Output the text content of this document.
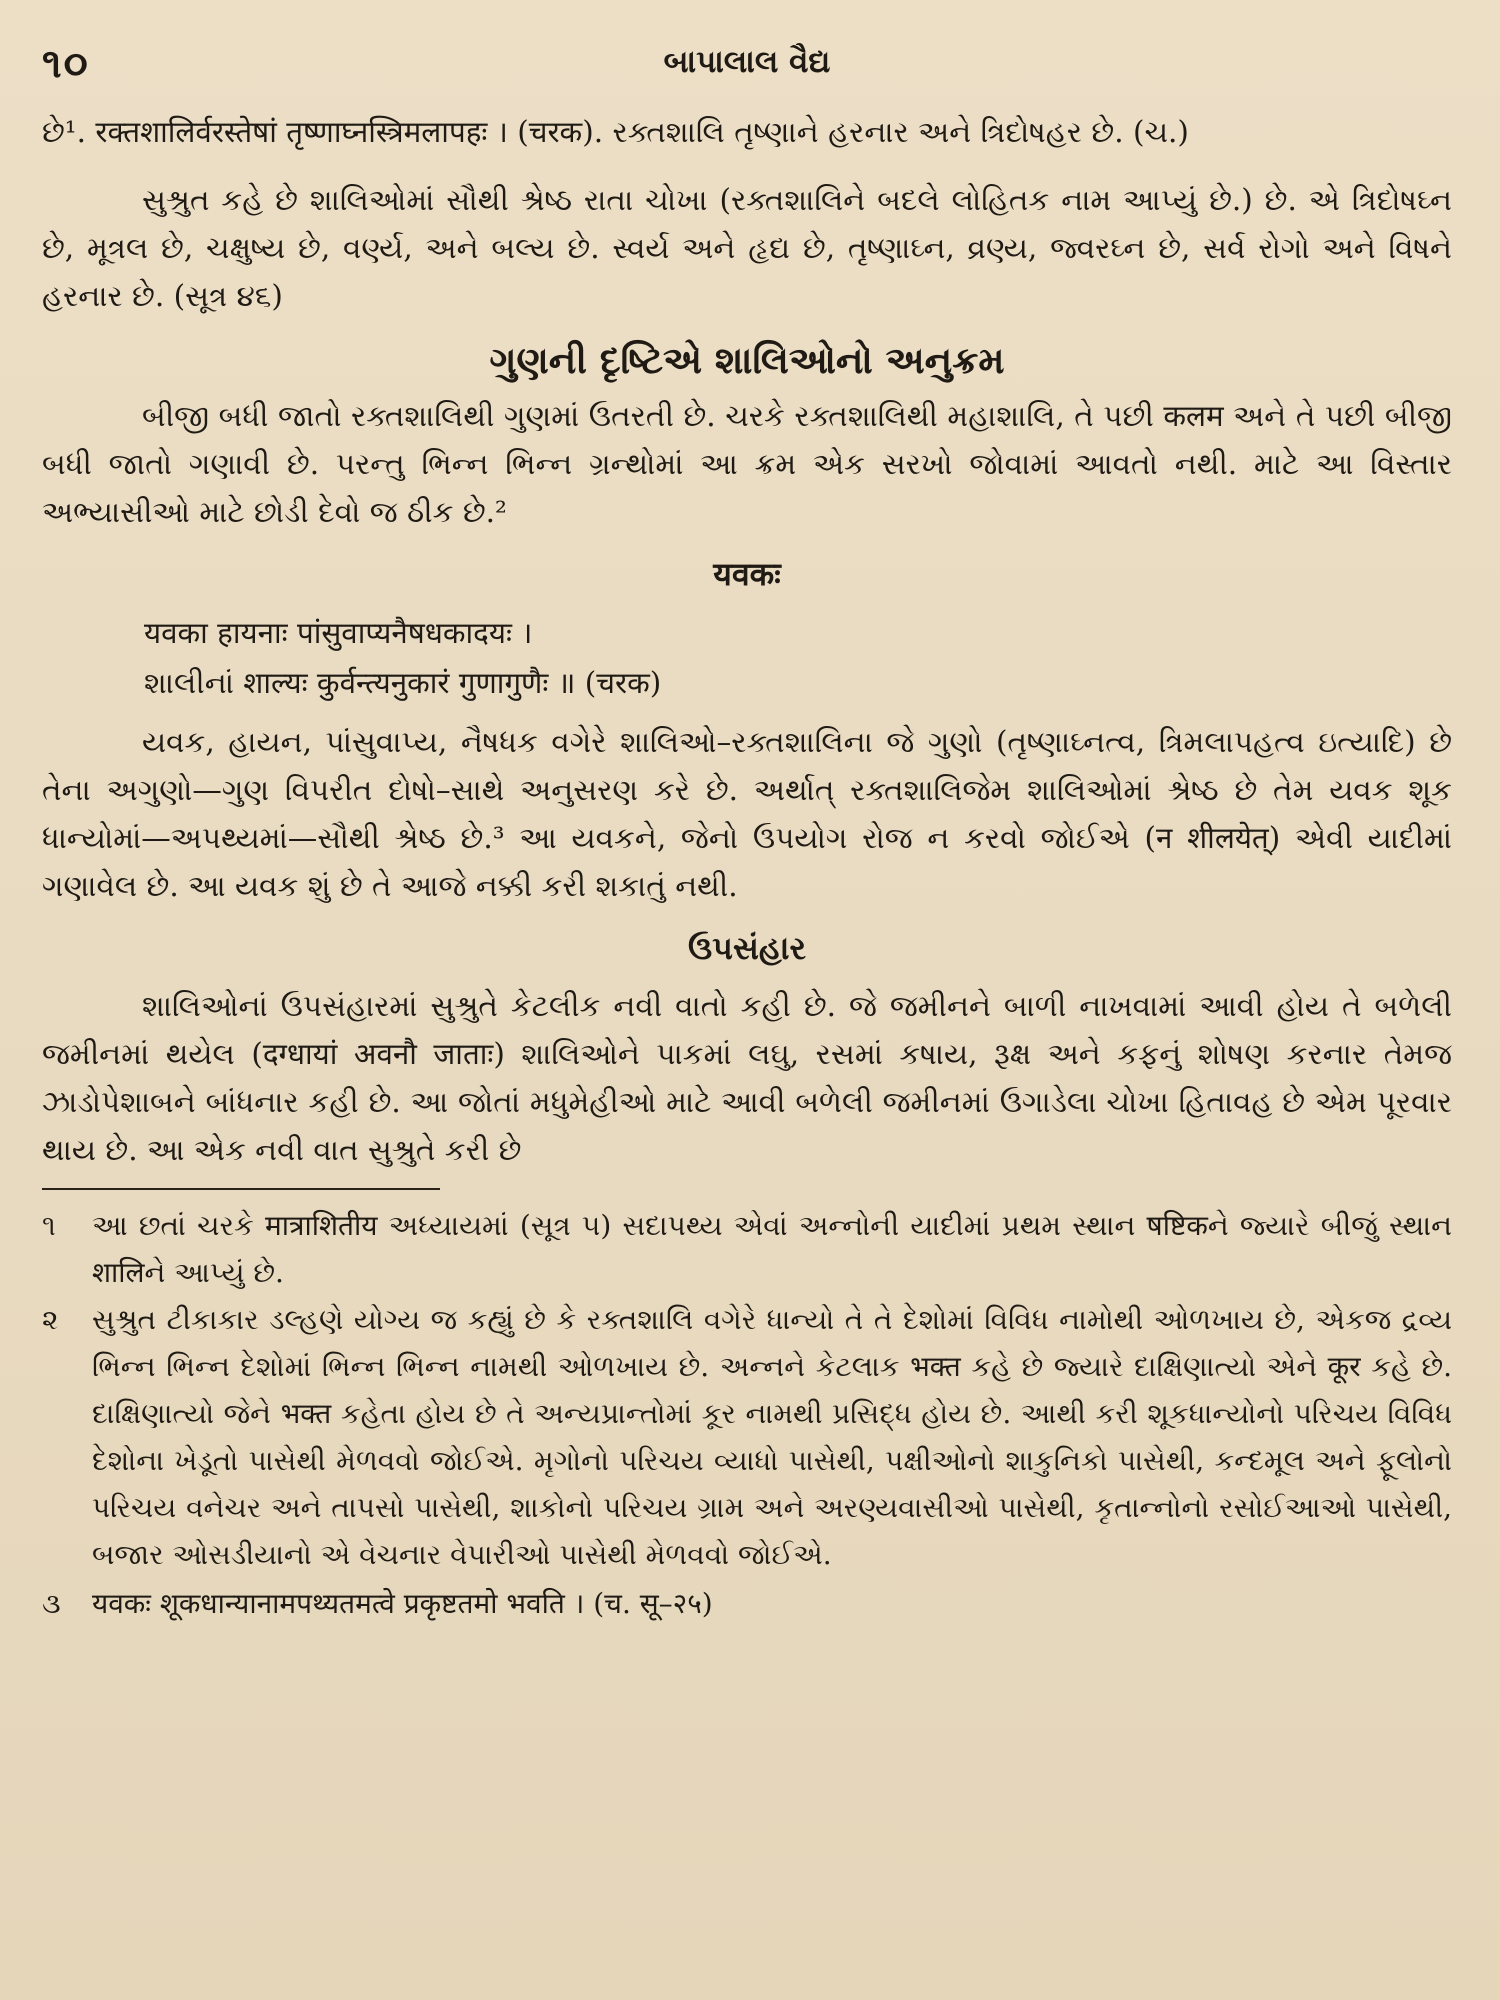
૧૦	બાપાલાલ વૈદ્ય

છે¹. रक्तशालिर्वरस्तेषां तृष्णाघ्नस्त्रिमलापहः । (चरक). રક્તશાલિ તૃષ્ણાને હરનાર અને ત્રિદોષહર છે. (ચ.)

સુશ્રુત કહે છે શાલિઓમાં સૌથી શ્રેષ્ઠ રાતા ચોખા (રક્તશાલિને બદલે લોહિતક નામ આપ્યું છે.) છે. એ ત્રિદોષઘ્ન છે, મૂત્રલ છે, ચક્ષુષ્ય છે, વર્ણ્ય, અને બલ્ય છે. સ્વર્ય અને હૃદ્ય છે, તૃષ્ણાઘ્ન, વ્રણ્ય, જ્વરઘ્ન છે, સર્વ રોગો અને વિષને હરનાર છે. (સૂત્ર ૪૬)

ગુણની દૃષ્ટિએ શાલિઓનો અનુક્રમ

બીજી બધી જાતો રક્તશાલિથી ગુણમાં ઉતરતી છે. ચરકે રક્તશાલિથી મહાશાલિ, તે પછી कलम અને તે પછી બીજી બધી જાતો ગણાવી છે. પરન્તુ ભિન્ન ભિન્ન ગ્રન્થોમાં આ ક્રમ એક સરખો જોવામાં આવતો નથી. માટે આ વિસ્તાર અભ્યાસીઓ માટે છોડી દેવો જ ઠીક છે.²

यवकः

यवका हायनाः पांसुवाप्यनैषधकादयः ।

શાલીનાં शाल्यः कुर्वन्त्यनुकारं गुणागुणैः ॥ (चरक)

યવક, હાયન, પાંસુવાપ્ય, નૈષધક વગેરે શાલિઓ–રક્તશાલિના જે ગુણો (તૃષ્ણાઘ્નત્વ, ત્રિમલાપહત્વ ઇત્યાદિ) છે તેના અગુણો—ગુણ વિપરીત દોષો–સાથે અનુસરણ કરે છે. અર્થાત્ રક્તશાલિજેમ શાલિઓમાં શ્રેષ્ઠ છે તેમ યવક શૂક ધાન્યોમાં—અપથ્યમાં—સૌથી શ્રેષ્ઠ છે.³ આ યવકને, જેનો ઉપયોગ રોજ ન કરવો જોઈએ (न शीलयेत्) એવી યાદીમાં ગણાવેલ છે. આ યવક શું છે તે આજે નક્કી કરી શકાતું નથી.

ઉપસંહાર

શાલિઓનાં ઉપસંહારમાં સુશ્રુતે કેટલીક નવી વાતો કહી છે. જે જમીનને બાળી નાખવામાં આવી હોય તે બળેલી જમીનમાં થયેલ (दग्धायां अवनौ जाताः) શાલિઓને પાકમાં લઘુ, રસમાં કષાય, રૂક્ષ અને કફનું શોષણ કરનાર તેમજ ઝાડોપેશાબને બાંધનાર કહી છે. આ જોતાં મધુમેહીઓ માટે આવી બળેલી જમીનમાં ઉગાડેલા ચોખા હિતાવહ છે એમ પૂરવાર થાય છે. આ એક નવી વાત સુશ્રુતે કરી છે

૧	આ છતાં ચરકે मात्राशितीय અધ્યાયમાં (સૂત્ર ૫) સદાપથ્ય એવાં અન્નોની યાદીમાં પ્રથમ સ્થાન षष्टिकને જ્યારે બીજું સ્થાન शालिને આપ્યું છે.
૨	સુશ્રુત ટીકાકાર ડલ્હણે યોગ્ય જ કહ્યું છે કે રક્તશાલિ વગેરે ધાન્યો તે તે દેશોમાં વિવિધ નામોથી ઓળખાય છે, એકજ દ્રવ્ય ભિન્ન ભિન્ન દેશોમાં ભિન્ન ભિન્ન નામથી ઓળખાય છે. અન્નને કેટલાક भक्त કહે છે જ્યારે દાક્ષિણાત્યો એને कूर કહે છે. દાક્ષિણાત્યો જેને भक्त કહેતા હોય છે તે અન્યપ્રાન્તોમાં કૂર નામથી પ્રસિદ્ધ હોય છે. આથી કરી શૂકધાન્યોનો પરિચય વિવિધ દેશોના ખેડૂતો પાસેથી મેળવવો જોઈએ. મૃગોનો પરિચય વ્યાધો પાસેથી, પક્ષીઓનો શાકુનિકો પાસેથી, કન્દમૂલ અને ફૂલોનો પરિચય વનેચર અને તાપસો પાસેથી, શાકોનો પરિચય ગ્રામ અને અરણ્યવાસીઓ પાસેથી, કૃતાન્નોનો રસોઈઆઓ પાસેથી, બજાર ઓસડીયાનો એ વેચનાર વેપારીઓ પાસેથી મેળવવો જોઈએ.
૩	यवकः शूकधान्यानामपथ्यतमत्वे प्रकृष्टतमो भवति । (च. सू–२५)
